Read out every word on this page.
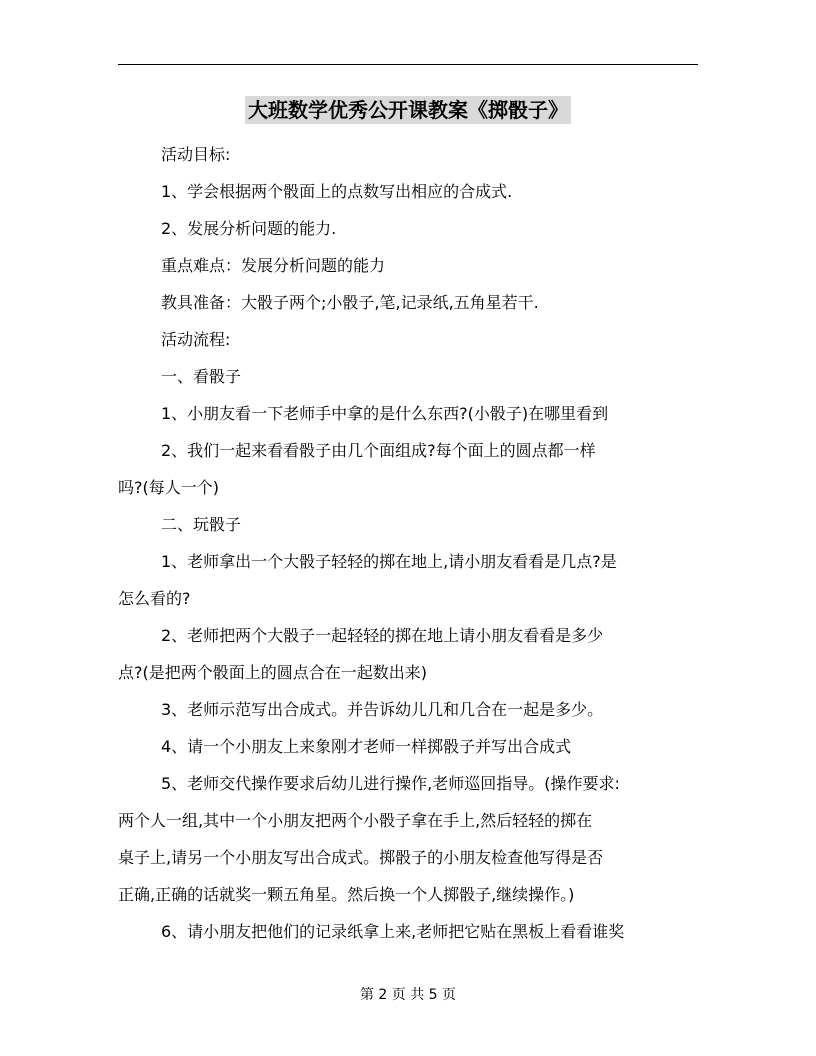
大班数学优秀公开课教案《掷骰子》

活动目标:

1、学会根据两个骰面上的点数写出相应的合成式.

2、发展分析问题的能力.

重点难点：发展分析问题的能力

教具准备：大骰子两个;小骰子,笔,记录纸,五角星若干.

活动流程:

一、看骰子

1、小朋友看一下老师手中拿的是什么东西?(小骰子)在哪里看到

2、我们一起来看看骰子由几个面组成?每个面上的圆点都一样

吗?(每人一个)

二、玩骰子

1、老师拿出一个大骰子轻轻的掷在地上,请小朋友看看是几点?是

怎么看的?

2、老师把两个大骰子一起轻轻的掷在地上请小朋友看看是多少

点?(是把两个骰面上的圆点合在一起数出来)

3、老师示范写出合成式。并告诉幼儿几和几合在一起是多少。

4、请一个小朋友上来象刚才老师一样掷骰子并写出合成式

5、老师交代操作要求后幼儿进行操作,老师巡回指导。(操作要求:

两个人一组,其中一个小朋友把两个小骰子拿在手上,然后轻轻的掷在

桌子上,请另一个小朋友写出合成式。掷骰子的小朋友检查他写得是否

正确,正确的话就奖一颗五角星。然后换一个人掷骰子,继续操作。)

6、请小朋友把他们的记录纸拿上来,老师把它贴在黑板上看看谁奖

第 2 页 共 5 页
